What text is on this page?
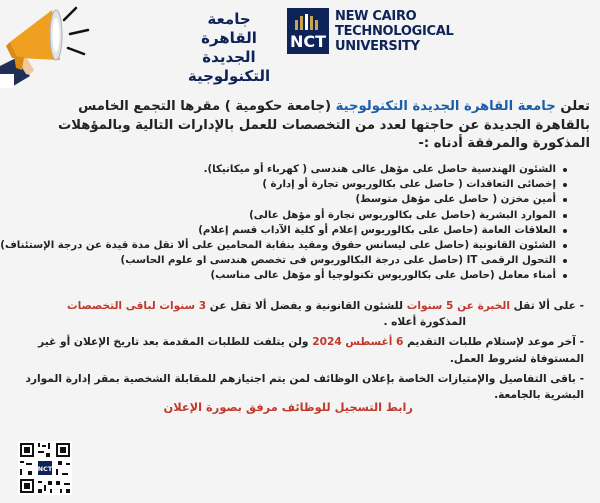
جامعة
القاهرة الجديدة
التكنولوجية
NCT
NEW CAIRO
TECHNOLOGICAL
UNIVERSITY
تعلن جامعة القاهرة الجديدة التكنولوجية (جامعة حكومية ) مقرها التجمع الخامس
بالقاهرة الجديدة عن حاجتها لعدد من التخصصات للعمل بالإدارات التالية وبالمؤهلات
المذكورة والمرفقة أدناه :-
الشئون الهندسية حاصل على مؤهل عالى هندسى ( كهرباء أو ميكانيكا).
إخصائى التعاقدات ( حاصل على بكالوريوس تجارة أو إدارة )
أمين مخزن ( حاصل على مؤهل متوسط)
الموارد البشرية (حاصل على بكالوريوس تجارة أو مؤهل عالى)
العلاقات العامة (حاصل على بكالوريوس إعلام أو كلية الآداب قسم إعلام)
الشئون القانونية (حاصل على ليسانس حقوق ومقيد بنقابة المحامين على ألا تقل مدة قيدة عن درجة الإستئناف)
التحول الرقمى IT (حاصل على درجة البكالوريوس فى تخصص هندسى او علوم الحاسب)
أمناء معامل (حاصل على بكالوريوس تكنولوجيا أو مؤهل عالى مناسب)

- على ألا تقل الخبرة عن 5 سنوات للشئون القانونية و يفضل ألا تقل عن 3 سنوات لباقى التخصصات
المذكورة أعلاه .

- آخر موعد لإستلام طلبات التقديم 6 أغسطس 2024 ولن يتلفت للطلبات المقدمة بعد تاريخ الإعلان أو غير
المستوفاة لشروط العمل.

- باقى التفاصيل والإمتيازات الخاصة بإعلان الوظائف لمن يتم اجتيازهم للمقابلة الشخصية بمقر إدارة الموارد
البشرية بالجامعة.

رابط التسجيل للوظائف مرفق بصورة الإعلان
NCT
